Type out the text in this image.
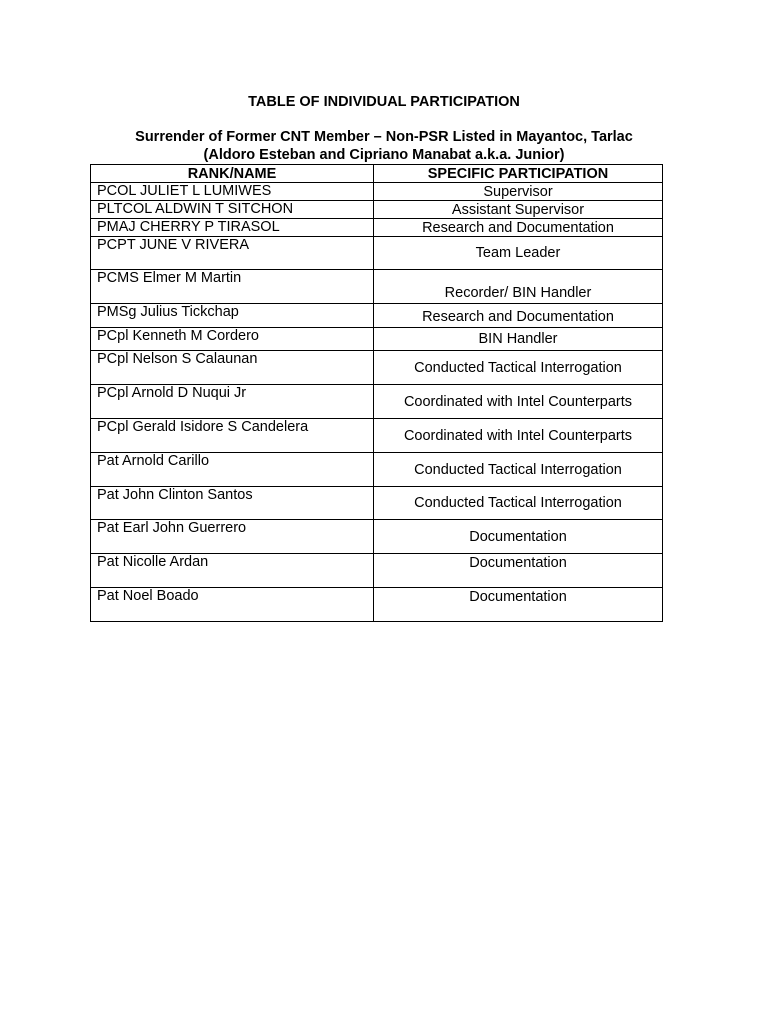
TABLE OF INDIVIDUAL PARTICIPATION
Surrender of Former CNT Member – Non-PSR Listed in Mayantoc, Tarlac
(Aldoro Esteban and Cipriano Manabat a.k.a. Junior)
RANK/NAME	SPECIFIC PARTICIPATION
PCOL JULIET L LUMIWES	Supervisor
PLTCOL ALDWIN T SITCHON	Assistant Supervisor
PMAJ CHERRY P TIRASOL	Research and Documentation
PCPT JUNE V RIVERA	Team Leader
PCMS Elmer M Martin	Recorder/ BIN Handler
PMSg Julius Tickchap	Research and Documentation
PCpl Kenneth M Cordero	BIN Handler
PCpl Nelson S Calaunan	Conducted Tactical Interrogation
PCpl Arnold D Nuqui Jr	Coordinated with Intel Counterparts
PCpl Gerald Isidore S Candelera	Coordinated with Intel Counterparts
Pat Arnold Carillo	Conducted Tactical Interrogation
Pat John Clinton Santos	Conducted Tactical Interrogation
Pat Earl John Guerrero	Documentation
Pat Nicolle Ardan	Documentation
Pat Noel Boado	Documentation
